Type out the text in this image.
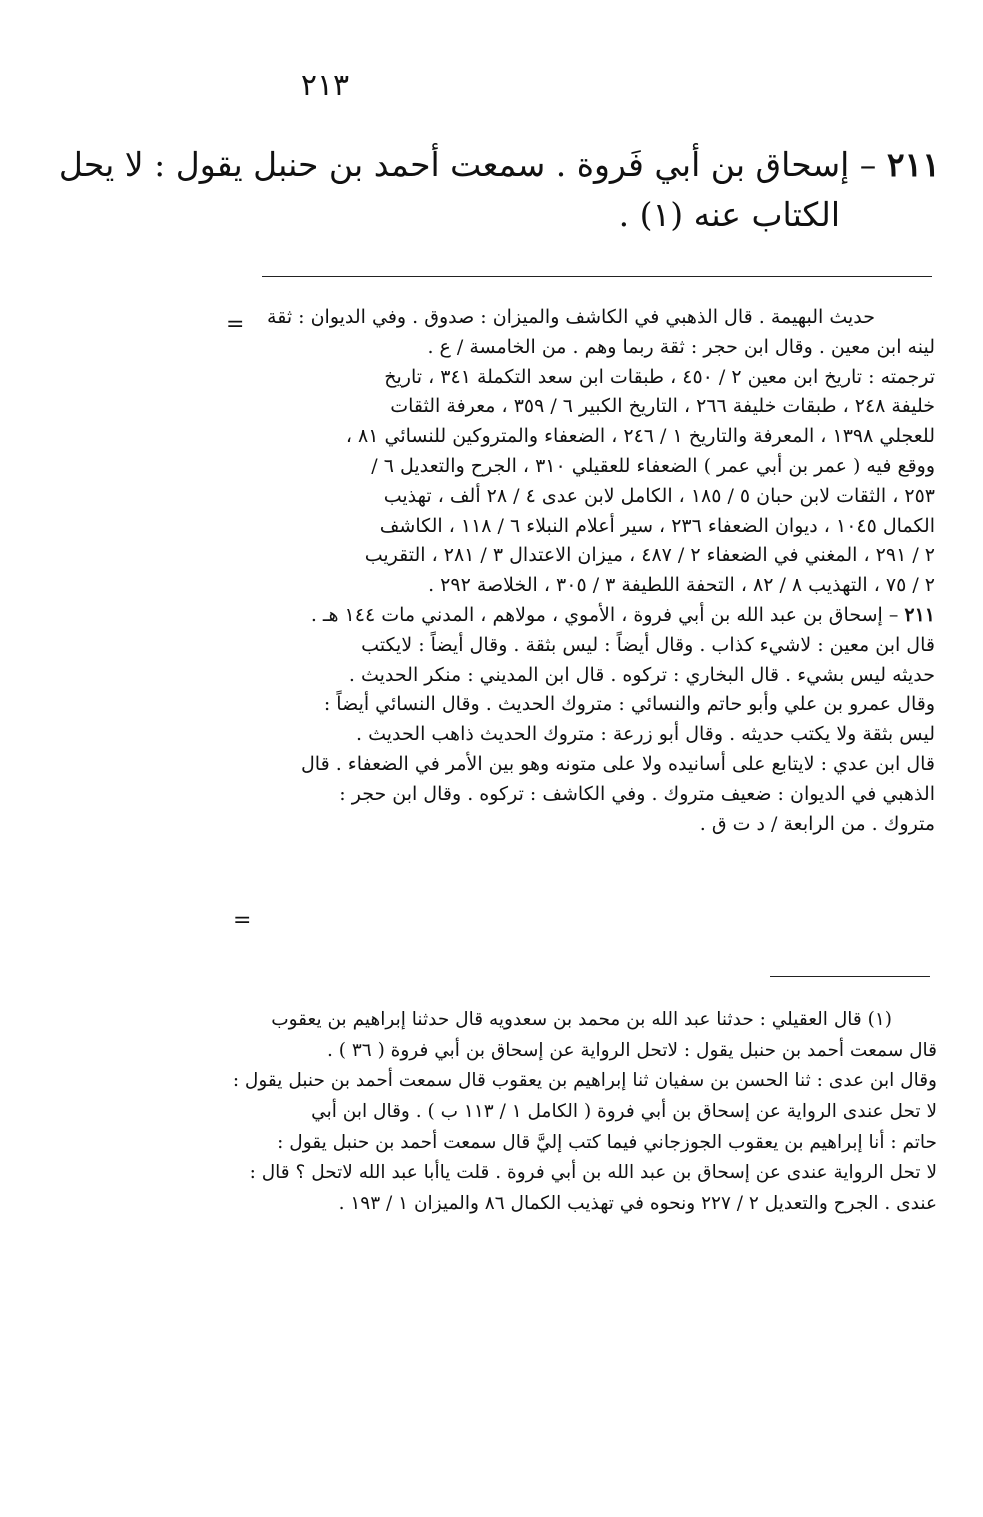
٢١٣
٢١١ – إسحاق بن أبي فَروة . سمعت أحمد بن حنبل يقول : لا يحل
الكتاب عنه (١) .
=	حديث البهيمة . قال الذهبي في الكاشف والميزان : صدوق . وفي الديوان : ثقة
لينه ابن معين . وقال ابن حجر : ثقة ربما وهم . من الخامسة / ع .
ترجمته : تاريخ ابن معين ٢ / ٤٥٠ ، طبقات ابن سعد التكملة ٣٤١ ، تاريخ
خليفة ٢٤٨ ، طبقات خليفة ٢٦٦ ، التاريخ الكبير ٦ / ٣٥٩ ، معرفة الثقات
للعجلي ١٣٩٨ ، المعرفة والتاريخ ١ / ٢٤٦ ، الضعفاء والمتروكين للنسائي ٨١ ،
ووقع فيه ( عمر بن أبي عمر ) الضعفاء للعقيلي ٣١٠ ، الجرح والتعديل ٦ /
٢٥٣ ، الثقات لابن حبان ٥ / ١٨٥ ، الكامل لابن عدى ٤ / ٢٨ ألف ، تهذيب
الكمال ١٠٤٥ ، ديوان الضعفاء ٢٣٦ ، سير أعلام النبلاء ٦ / ١١٨ ، الكاشف
٢ / ٢٩١ ، المغني في الضعفاء ٢ / ٤٨٧ ، ميزان الاعتدال ٣ / ٢٨١ ، التقريب
٢ / ٧٥ ، التهذيب ٨ / ٨٢ ، التحفة اللطيفة ٣ / ٣٠٥ ، الخلاصة ٢٩٢ .
٢١١ – إسحاق بن عبد الله بن أبي فروة ، الأموي ، مولاهم ، المدني مات ١٤٤ هـ .
قال ابن معين : لاشيء كذاب . وقال أيضاً : ليس بثقة . وقال أيضاً : لايكتب
حديثه ليس بشيء . قال البخاري : تركوه . قال ابن المديني : منكر الحديث .
وقال عمرو بن علي وأبو حاتم والنسائي : متروك الحديث . وقال النسائي أيضاً :
ليس بثقة ولا يكتب حديثه . وقال أبو زرعة : متروك الحديث ذاهب الحديث .
قال ابن عدي : لايتابع على أسانيده ولا على متونه وهو بين الأمر في الضعفاء . قال
الذهبي في الديوان : ضعيف متروك . وفي الكاشف : تركوه . وقال ابن حجر :
متروك . من الرابعة / د ت ق .
=
(١) قال العقيلي : حدثنا عبد الله بن محمد بن سعدويه قال حدثنا إبراهيم بن يعقوب
قال سمعت أحمد بن حنبل يقول : لاتحل الرواية عن إسحاق بن أبي فروة ( ٣٦ ) .
وقال ابن عدى : ثنا الحسن بن سفيان ثنا إبراهيم بن يعقوب قال سمعت أحمد بن حنبل يقول :
لا تحل عندى الرواية عن إسحاق بن أبي فروة ( الكامل ١ / ١١٣ ب ) . وقال ابن أبي
حاتم : أنا إبراهيم بن يعقوب الجوزجاني فيما كتب إليَّ قال سمعت أحمد بن حنبل يقول :
لا تحل الرواية عندى عن إسحاق بن عبد الله بن أبي فروة . قلت ياأبا عبد الله لاتحل ؟ قال :
عندى . الجرح والتعديل ٢ / ٢٢٧ ونحوه في تهذيب الكمال ٨٦ والميزان ١ / ١٩٣ .
